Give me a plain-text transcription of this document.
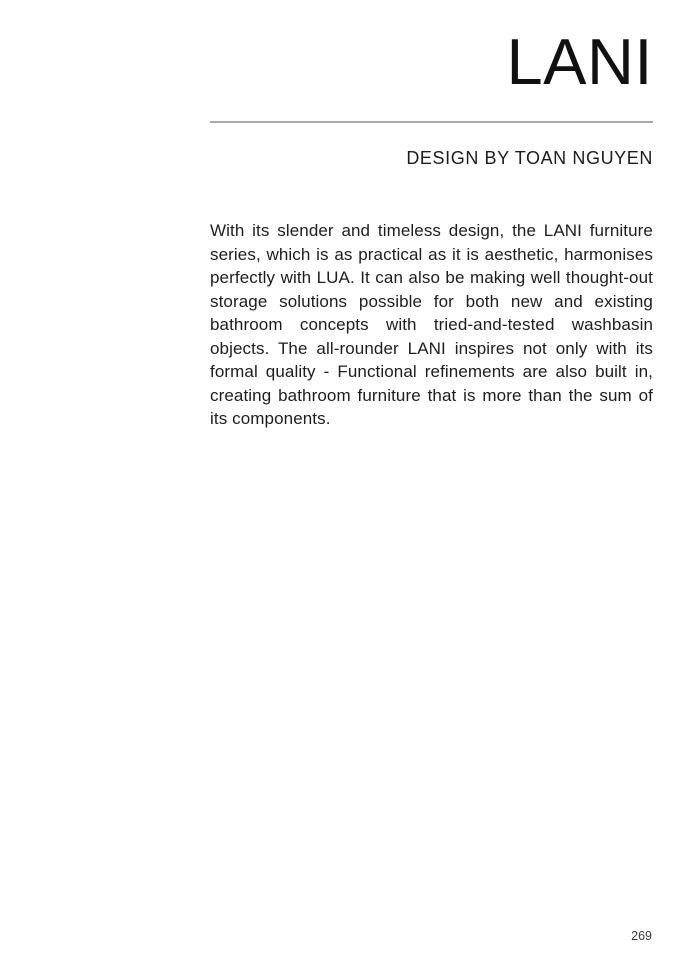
LANI
DESIGN BY TOAN NGUYEN

With its slender and timeless design, the LANI furniture series, which is as practical as it is aesthetic, harmonises perfectly with LUA. It can also be making well thought-out storage solutions possible for both new and existing bathroom concepts with tried-and-tested washbasin objects. The all-rounder LANI inspires not only with its formal quality - Functional refinements are also built in, creating bathroom furniture that is more than the sum of its components.

269
